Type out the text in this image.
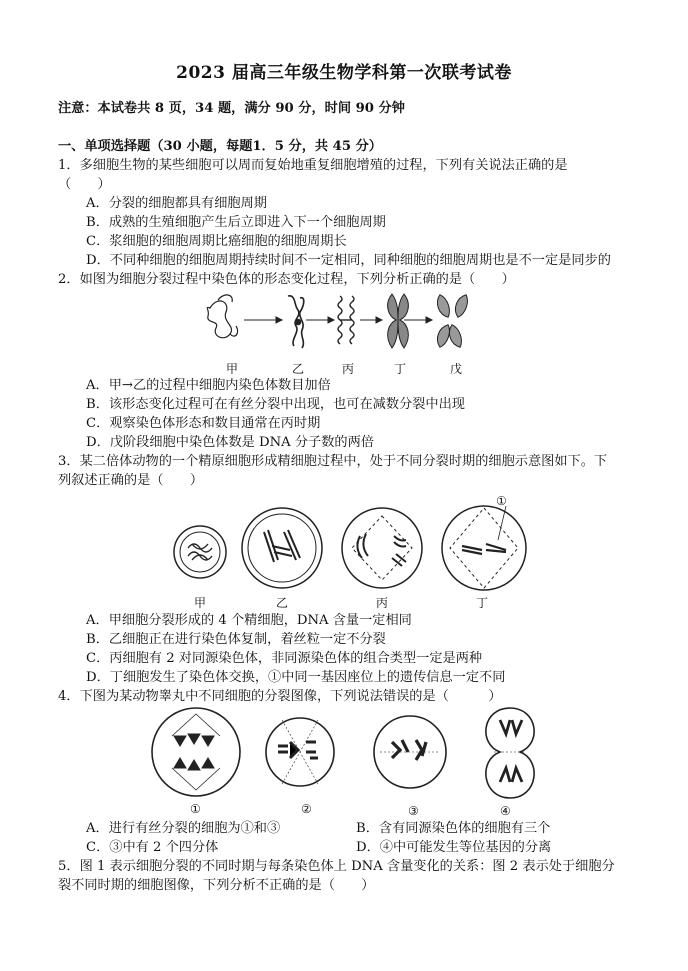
2023 届高三年级生物学科第一次联考试卷
注意：本试卷共 8 页，34 题，满分 90 分，时间 90 分钟
一、单项选择题（30 小题，每题1．5 分，共 45 分）
1．多细胞生物的某些细胞可以周而复始地重复细胞增殖的过程，下列有关说法正确的是
（　　）
A．分裂的细胞都具有细胞周期
B．成熟的生殖细胞产生后立即进入下一个细胞周期
C．浆细胞的细胞周期比癌细胞的细胞周期长
D．不同种细胞的细胞周期持续时间不一定相同，同种细胞的细胞周期也是不一定是同步的
2．如图为细胞分裂过程中染色体的形态变化过程，下列分析正确的是（　　）
甲	乙	丙	丁	戊
A．甲→乙的过程中细胞内染色体数目加倍
B．该形态变化过程可在有丝分裂中出现，也可在减数分裂中出现
C．观察染色体形态和数目通常在丙时期
D．戊阶段细胞中染色体数是 DNA 分子数的两倍
3．某二倍体动物的一个精原细胞形成精细胞过程中，处于不同分裂时期的细胞示意图如下。下
列叙述正确的是（　　）
①
甲	乙	丙	丁
A．甲细胞分裂形成的 4 个精细胞，DNA 含量一定相同
B．乙细胞正在进行染色体复制，着丝粒一定不分裂
C．丙细胞有 2 对同源染色体，非同源染色体的组合类型一定是两种
D．丁细胞发生了染色体交换，①中同一基因座位上的遗传信息一定不同
4．下图为某动物睾丸中不同细胞的分裂图像，下列说法错误的是（　　　）
①	②	③	④
A．进行有丝分裂的细胞为①和③	B．含有同源染色体的细胞有三个
C．③中有 2 个四分体	D．④中可能发生等位基因的分离
5．图 1 表示细胞分裂的不同时期与每条染色体上 DNA 含量变化的关系：图 2 表示处于细胞分
裂不同时期的细胞图像，下列分析不正确的是（　　）
